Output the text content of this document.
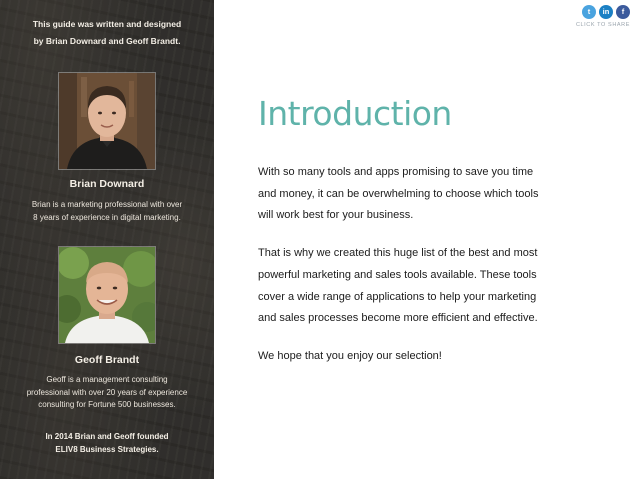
This guide was written and designed
by Brian Downard and Geoff Brandt.
Brian Downard
Brian is a marketing professional with over
8 years of experience in digital marketing.
Geoff Brandt
Geoff is a management consulting
professional with over 20 years of experience
consulting for Fortune 500 businesses.
In 2014 Brian and Geoff founded
ELIV8 Business Strategies.
t	in	f
CLICK TO SHARE
Introduction

With so many tools and apps promising to save you time
and money, it can be overwhelming to choose which tools
will work best for your business.

That is why we created this huge list of the best and most
powerful marketing and sales tools available. These tools
cover a wide range of applications to help your marketing
and sales processes become more efficient and effective.

We hope that you enjoy our selection!
